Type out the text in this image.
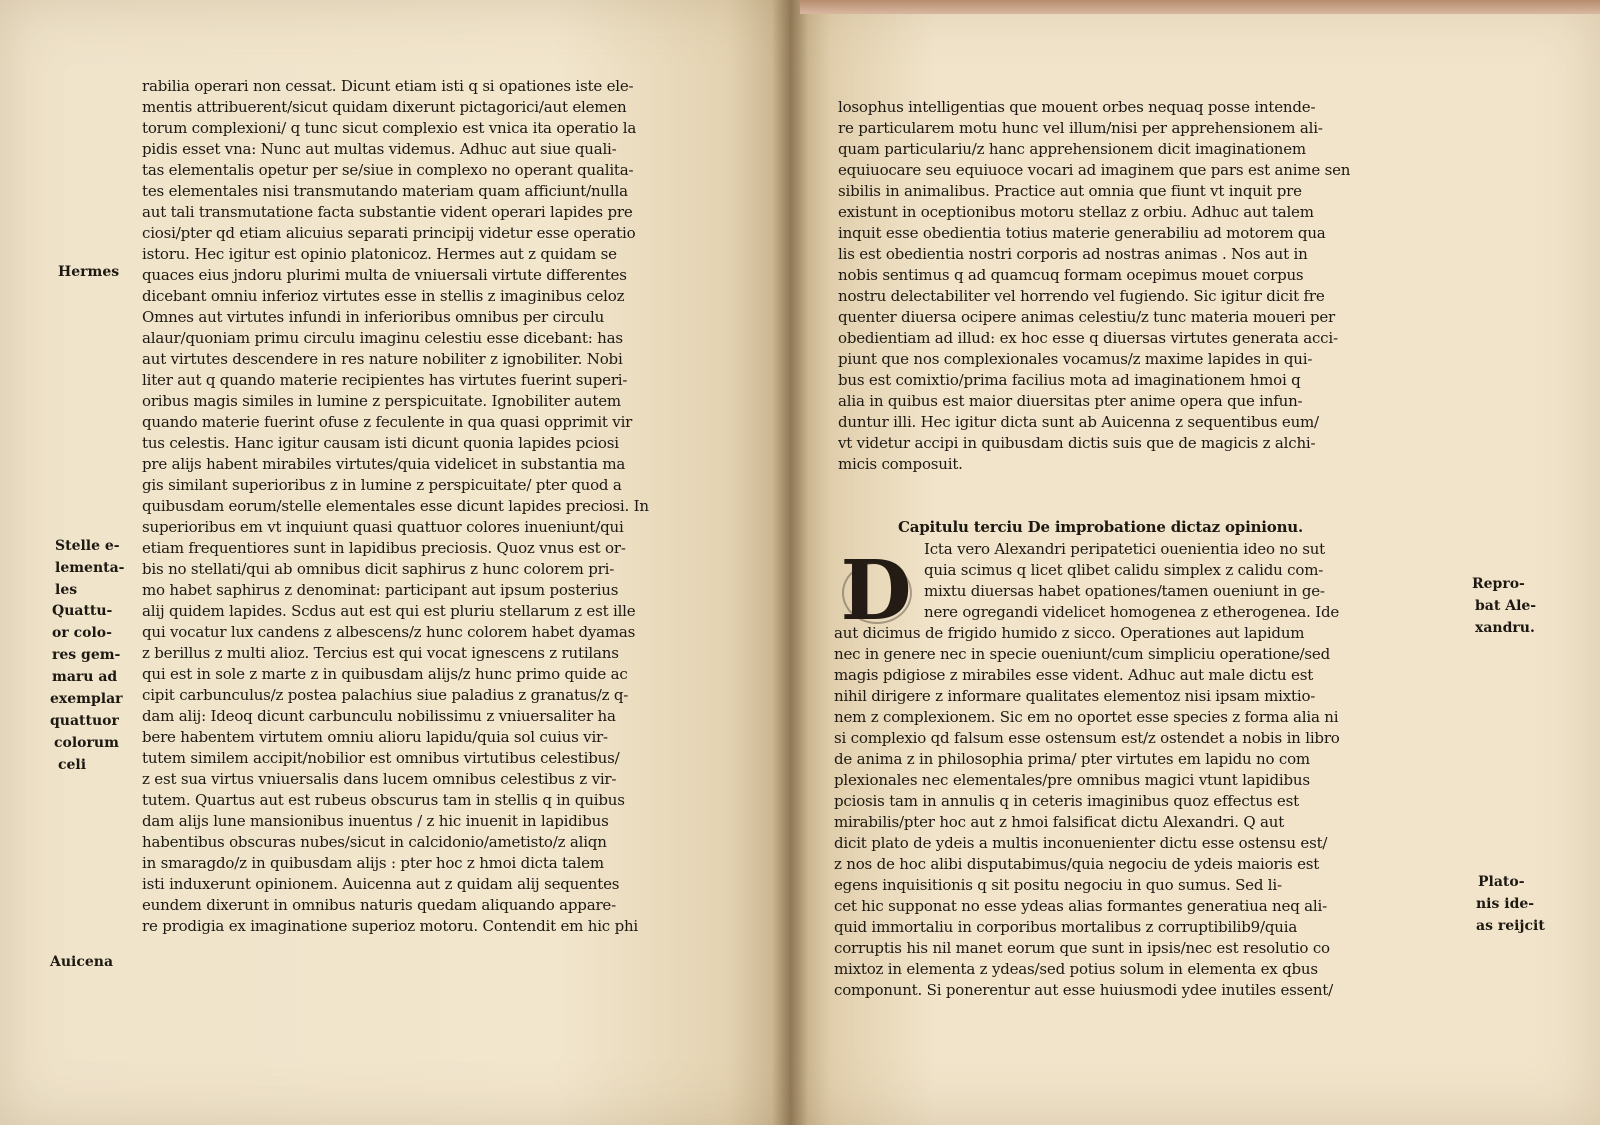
rabilia operari non cessat. Dicunt etiam isti q si opationes iste ele-
mentis attribuerent/sicut quidam dixerunt pictagorici/aut elemen
torum complexioni/ q tunc sicut complexio est vnica ita operatio la
pidis esset vna: Nunc aut multas videmus. Adhuc aut siue quali-
tas elementalis opetur per se/siue in complexo no operant qualita-
tes elementales nisi transmutando materiam quam afficiunt/nulla
aut tali transmutatione facta substantie vident operari lapides pre
ciosi/pter qd etiam alicuius separati principij videtur esse operatio
istoru. Hec igitur est opinio platonicoz. Hermes aut z quidam se
quaces eius jndoru plurimi multa de vniuersali virtute differentes
dicebant omniu inferioz virtutes esse in stellis z imaginibus celoz
Omnes aut virtutes infundi in inferioribus omnibus per circulu
alaur/quoniam primu circulu imaginu celestiu esse dicebant: has
aut virtutes descendere in res nature nobiliter z ignobiliter. Nobi
liter aut q quando materie recipientes has virtutes fuerint superi-
oribus magis similes in lumine z perspicuitate. Ignobiliter autem
quando materie fuerint ofuse z feculente in qua quasi opprimit vir
tus celestis. Hanc igitur causam isti dicunt quonia lapides pciosi
pre alijs habent mirabiles virtutes/quia videlicet in substantia ma
gis similant superioribus z in lumine z perspicuitate/ pter quod a
quibusdam eorum/stelle elementales esse dicunt lapides preciosi. In
superioribus em vt inquiunt quasi quattuor colores inueniunt/qui
etiam frequentiores sunt in lapidibus preciosis. Quoz vnus est or-
bis no stellati/qui ab omnibus dicit saphirus z hunc colorem pri-
mo habet saphirus z denominat: participant aut ipsum posterius
alij quidem lapides. Scdus aut est qui est pluriu stellarum z est ille
qui vocatur lux candens z albescens/z hunc colorem habet dyamas
z berillus z multi alioz. Tercius est qui vocat ignescens z rutilans
qui est in sole z marte z in quibusdam alijs/z hunc primo quide ac
cipit carbunculus/z postea palachius siue paladius z granatus/z q-
dam alij: Ideoq dicunt carbunculu nobilissimu z vniuersaliter ha
bere habentem virtutem omniu alioru lapidu/quia sol cuius vir-
tutem similem accipit/nobilior est omnibus virtutibus celestibus/
z est sua virtus vniuersalis dans lucem omnibus celestibus z vir-
tutem. Quartus aut est rubeus obscurus tam in stellis q in quibus
dam alijs lune mansionibus inuentus / z hic inuenit in lapidibus
habentibus obscuras nubes/sicut in calcidonio/ametisto/z aliqn
in smaragdo/z in quibusdam alijs : pter hoc z hmoi dicta talem
isti induxerunt opinionem. Auicenna aut z quidam alij sequentes
eundem dixerunt in omnibus naturis quedam aliquando appare-
re prodigia ex imaginatione superioz motoru. Contendit em hic phi
Hermes
Stelle e-
lementa-
les
Quattu-
or colo-
res gem-
maru ad
exemplar
quattuor
colorum
celi
Auicena
losophus intelligentias que mouent orbes nequaq posse intende-
re particularem motu hunc vel illum/nisi per apprehensionem ali-
quam particulariu/z hanc apprehensionem dicit imaginationem
equiuocare seu equiuoce vocari ad imaginem que pars est anime sen
sibilis in animalibus. Practice aut omnia que fiunt vt inquit pre
existunt in oceptionibus motoru stellaz z orbiu. Adhuc aut talem
inquit esse obedientia totius materie generabiliu ad motorem qua
lis est obedientia nostri corporis ad nostras animas . Nos aut in
nobis sentimus q ad quamcuq formam ocepimus mouet corpus
nostru delectabiliter vel horrendo vel fugiendo. Sic igitur dicit fre
quenter diuersa ocipere animas celestiu/z tunc materia moueri per
obedientiam ad illud: ex hoc esse q diuersas virtutes generata acci-
piunt que nos complexionales vocamus/z maxime lapides in qui-
bus est comixtio/prima facilius mota ad imaginationem hmoi q
alia in quibus est maior diuersitas pter anime opera que infun-
duntur illi. Hec igitur dicta sunt ab Auicenna z sequentibus eum/
vt videtur accipi in quibusdam dictis suis que de magicis z alchi-
micis composuit.
Capitulu terciu De improbatione dictaz opinionu.
D Icta vero Alexandri peripatetici ouenientia ideo no sut
quia scimus q licet qlibet calidu simplex z calidu com-
mixtu diuersas habet opationes/tamen oueniunt in ge-
nere ogregandi videlicet homogenea z etherogenea. Ide
aut dicimus de frigido humido z sicco. Operationes aut lapidum
nec in genere nec in specie oueniunt/cum simpliciu operatione/sed
magis pdigiose z mirabiles esse vident. Adhuc aut male dictu est
nihil dirigere z informare qualitates elementoz nisi ipsam mixtio-
nem z complexionem. Sic em no oportet esse species z forma alia ni
si complexio qd falsum esse ostensum est/z ostendet a nobis in libro
de anima z in philosophia prima/ pter virtutes em lapidu no com
plexionales nec elementales/pre omnibus magici vtunt lapidibus
pciosis tam in annulis q in ceteris imaginibus quoz effectus est
mirabilis/pter hoc aut z hmoi falsificat dictu Alexandri. Q aut
dicit plato de ydeis a multis inconuenienter dictu esse ostensu est/
z nos de hoc alibi disputabimus/quia negociu de ydeis maioris est
egens inquisitionis q sit positu negociu in quo sumus. Sed li-
cet hic supponat no esse ydeas alias formantes generatiua neq ali-
quid immortaliu in corporibus mortalibus z corruptibilib9/quia
corruptis his nil manet eorum que sunt in ipsis/nec est resolutio co
mixtoz in elementa z ydeas/sed potius solum in elementa ex qbus
componunt. Si ponerentur aut esse huiusmodi ydee inutiles essent/
Repro-
bat Ale-
xandru.
Plato-
nis ide-
as reijcit
